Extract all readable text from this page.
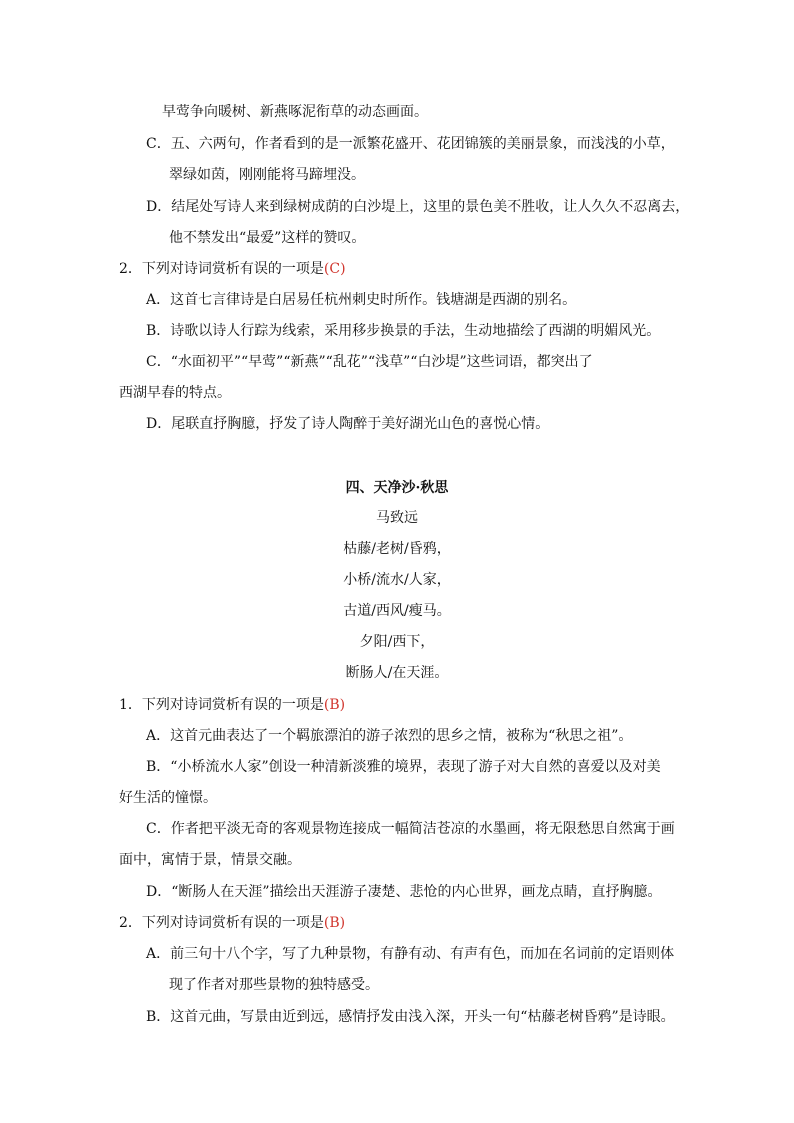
早莺争向暖树、新燕啄泥衔草的动态画面。
C．五、六两句，作者看到的是一派繁花盛开、花团锦簇的美丽景象，而浅浅的小草，
翠绿如茵，刚刚能将马蹄埋没。
D．结尾处写诗人来到绿树成荫的白沙堤上，这里的景色美不胜收，让人久久不忍离去，
他不禁发出“最爱”这样的赞叹。
2．下列对诗词赏析有误的一项是(C)
A．这首七言律诗是白居易任杭州刺史时所作。钱塘湖是西湖的别名。
B．诗歌以诗人行踪为线索，采用移步换景的手法，生动地描绘了西湖的明媚风光。
C．“水面初平”“早莺”“新燕”“乱花”“浅草”“白沙堤”这些词语，都突出了
西湖早春的特点。
D．尾联直抒胸臆，抒发了诗人陶醉于美好湖光山色的喜悦心情。
四、天净沙·秋思
马致远
枯藤/老树/昏鸦，
小桥/流水/人家，
古道/西风/瘦马。
夕阳/西下，
断肠人/在天涯。
1．下列对诗词赏析有误的一项是(B)
A．这首元曲表达了一个羁旅漂泊的游子浓烈的思乡之情，被称为“秋思之祖”。
B．“小桥流水人家”创设一种清新淡雅的境界，表现了游子对大自然的喜爱以及对美
好生活的憧憬。
C．作者把平淡无奇的客观景物连接成一幅简洁苍凉的水墨画，将无限愁思自然寓于画
面中，寓情于景，情景交融。
D．“断肠人在天涯”描绘出天涯游子凄楚、悲怆的内心世界，画龙点睛，直抒胸臆。
2．下列对诗词赏析有误的一项是(B)
A．前三句十八个字，写了九种景物，有静有动、有声有色，而加在名词前的定语则体
现了作者对那些景物的独特感受。
B．这首元曲，写景由近到远，感情抒发由浅入深，开头一句“枯藤老树昏鸦”是诗眼。
